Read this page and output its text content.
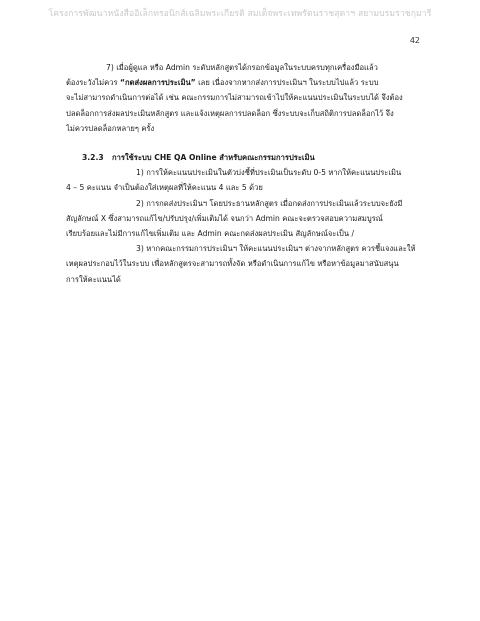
โครงการพัฒนาหนังสืออิเล็กทรอนิกส์เฉลิมพระเกียรติ สมเด็จพระเทพรัตนราชสุดาฯ สยามบรมราชกุมารี
42
7) เมื่อผู้ดูแล หรือ Admin ระดับหลักสูตรได้กรอกข้อมูลในระบบครบทุกเครื่องมือแล้ว
ต้องระวังไม่ควร “กดส่งผลการประเมิน” เลย เนื่องจากหากส่งการประเมินฯ ในระบบไปแล้ว ระบบ
จะไม่สามารถดำเนินการต่อได้ เช่น คณะกรรมการไม่สามารถเข้าไปให้คะแนนประเมินในระบบได้ จึงต้อง
ปลดล็อกการส่งผลประเมินหลักสูตร และแจ้งเหตุผลการปลดล็อก ซึ่งระบบจะเก็บสถิติการปลดล็อกไว้ จึง
ไม่ควรปลดล็อกหลายๆ ครั้ง
3.2.3 การใช้ระบบ CHE QA Online สำหรับคณะกรรมการประเมิน
1) การให้คะแนนประเมินในตัวบ่งชี้ที่ประเมินเป็นระดับ 0-5 หากให้คะแนนประเมิน
4 – 5 คะแนน จำเป็นต้องใส่เหตุผลที่ให้คะแนน 4 และ 5 ด้วย
2) การกดส่งประเมินฯ โดยประธานหลักสูตร เมื่อกดส่งการประเมินแล้วระบบจะยังมี
สัญลักษณ์ X ซึ่งสามารถแก้ไข/ปรับปรุง/เพิ่มเติมได้ จนกว่า Admin คณะจะตรวจสอบความสมบูรณ์
เรียบร้อยและไม่มีการแก้ไขเพิ่มเติม และ Admin คณะกดส่งผลประเมิน สัญลักษณ์จะเป็น /
3) หากคณะกรรมการประเมินฯ ให้คะแนนประเมินฯ ต่างจากหลักสูตร ควรชี้แจงและให้
เหตุผลประกอบไว้ในระบบ เพื่อหลักสูตรจะสามารถทั้งจัด หรือดำเนินการแก้ไข หรือหาข้อมูลมาสนับสนุน
การให้คะแนนได้
